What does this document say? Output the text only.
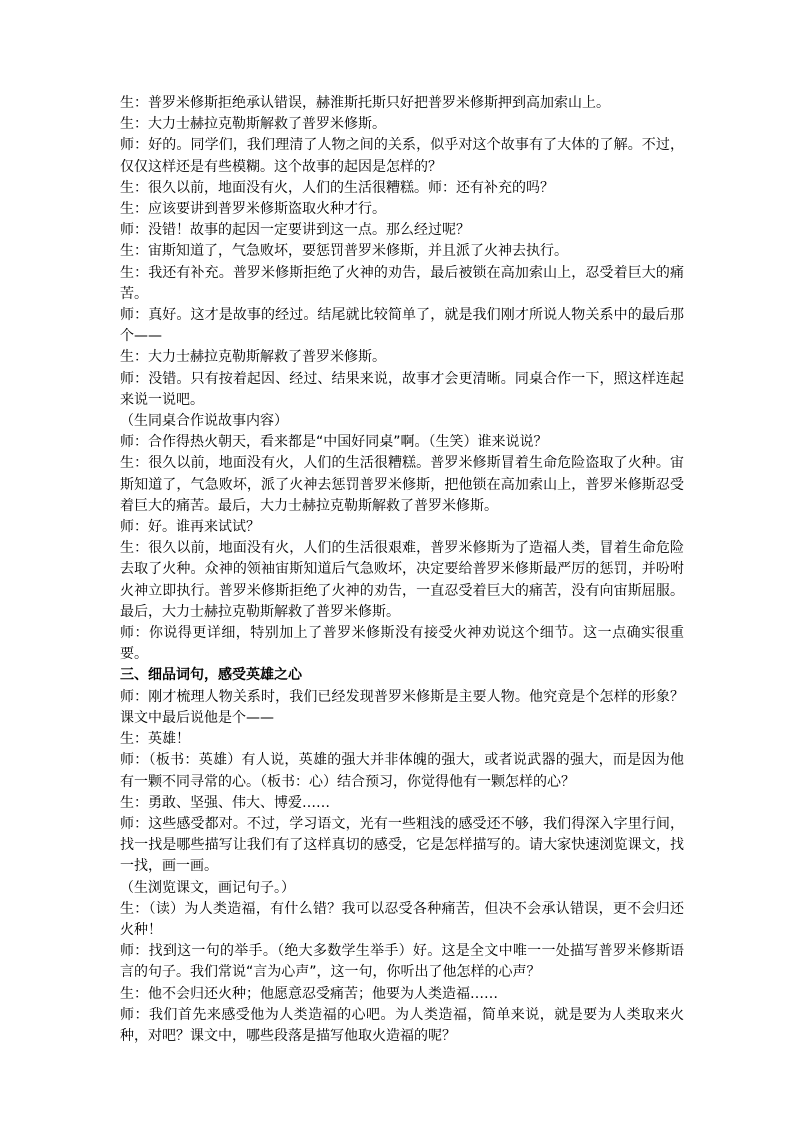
生：普罗米修斯拒绝承认错误，赫淮斯托斯只好把普罗米修斯押到高加索山上。

生：大力士赫拉克勒斯解救了普罗米修斯。

师：好的。同学们，我们理清了人物之间的关系，似乎对这个故事有了大体的了解。不过，仅仅这样还是有些模糊。这个故事的起因是怎样的？

生：很久以前，地面没有火，人们的生活很糟糕。师：还有补充的吗？

生：应该要讲到普罗米修斯盗取火种才行。

师：没错！故事的起因一定要讲到这一点。那么经过呢？

生：宙斯知道了，气急败坏，要惩罚普罗米修斯，并且派了火神去执行。

生：我还有补充。普罗米修斯拒绝了火神的劝告，最后被锁在高加索山上，忍受着巨大的痛苦。

师：真好。这才是故事的经过。结尾就比较简单了，就是我们刚才所说人物关系中的最后那个——

生：大力士赫拉克勒斯解救了普罗米修斯。

师：没错。只有按着起因、经过、结果来说，故事才会更清晰。同桌合作一下，照这样连起来说一说吧。

（生同桌合作说故事内容）

师：合作得热火朝天，看来都是“中国好同桌”啊。（生笑）谁来说说？

生：很久以前，地面没有火，人们的生活很糟糕。普罗米修斯冒着生命危险盗取了火种。宙斯知道了，气急败坏，派了火神去惩罚普罗米修斯，把他锁在高加索山上，普罗米修斯忍受着巨大的痛苦。最后，大力士赫拉克勒斯解救了普罗米修斯。

师：好。谁再来试试？

生：很久以前，地面没有火，人们的生活很艰难，普罗米修斯为了造福人类，冒着生命危险去取了火种。众神的领袖宙斯知道后气急败坏，决定要给普罗米修斯最严厉的惩罚，并吩咐火神立即执行。普罗米修斯拒绝了火神的劝告，一直忍受着巨大的痛苦，没有向宙斯屈服。最后，大力士赫拉克勒斯解救了普罗米修斯。

师：你说得更详细，特别加上了普罗米修斯没有接受火神劝说这个细节。这一点确实很重要。

三、细品词句，感受英雄之心

师：刚才梳理人物关系时，我们已经发现普罗米修斯是主要人物。他究竟是个怎样的形象？课文中最后说他是个——

生：英雄！

师：（板书：英雄）有人说，英雄的强大并非体魄的强大，或者说武器的强大，而是因为他有一颗不同寻常的心。（板书：心）结合预习，你觉得他有一颗怎样的心？

生：勇敢、坚强、伟大、博爱……

师：这些感受都对。不过，学习语文，光有一些粗浅的感受还不够，我们得深入字里行间，找一找是哪些描写让我们有了这样真切的感受，它是怎样描写的。请大家快速浏览课文，找一找，画一画。

（生浏览课文，画记句子。）

生：（读）为人类造福，有什么错？我可以忍受各种痛苦，但决不会承认错误，更不会归还火种！

师：找到这一句的举手。（绝大多数学生举手）好。这是全文中唯一一处描写普罗米修斯语言的句子。我们常说“言为心声”，这一句，你听出了他怎样的心声？

生：他不会归还火种；他愿意忍受痛苦；他要为人类造福……

师：我们首先来感受他为人类造福的心吧。为人类造福，简单来说，就是要为人类取来火种，对吧？课文中，哪些段落是描写他取火造福的呢？
